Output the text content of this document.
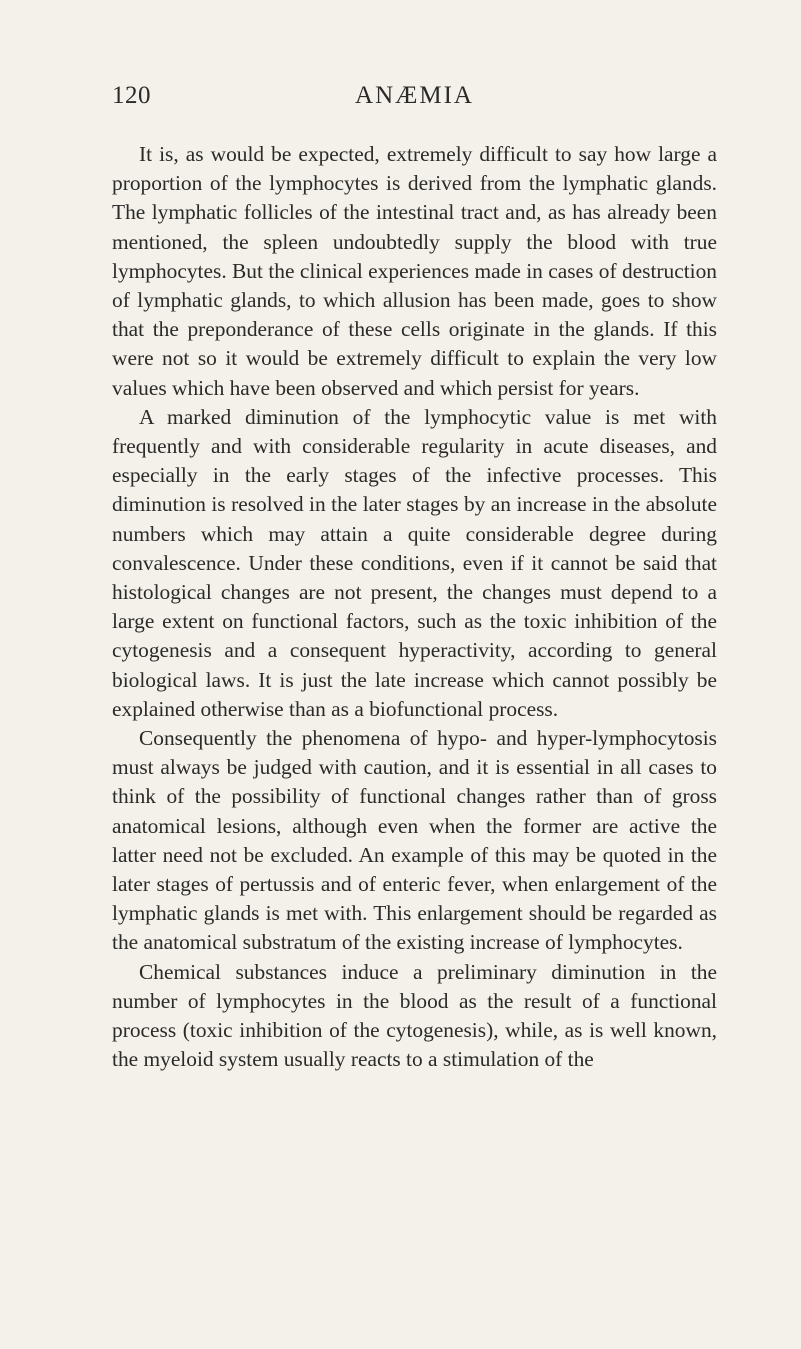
120	ANÆMIA

It is, as would be expected, extremely difficult to say how large a proportion of the lymphocytes is derived from the lymphatic glands. The lymphatic follicles of the intestinal tract and, as has already been mentioned, the spleen undoubtedly supply the blood with true lymphocytes. But the clinical experiences made in cases of destruction of lymphatic glands, to which allusion has been made, goes to show that the preponderance of these cells originate in the glands. If this were not so it would be extremely difficult to explain the very low values which have been observed and which persist for years.

A marked diminution of the lymphocytic value is met with frequently and with considerable regularity in acute diseases, and especially in the early stages of the infective processes. This diminution is resolved in the later stages by an increase in the absolute numbers which may attain a quite considerable degree during convalescence. Under these conditions, even if it cannot be said that histological changes are not present, the changes must depend to a large extent on functional factors, such as the toxic inhibition of the cytogenesis and a consequent hyperactivity, according to general biological laws. It is just the late increase which cannot possibly be explained otherwise than as a biofunctional process.

Consequently the phenomena of hypo- and hyper-lymphocytosis must always be judged with caution, and it is essential in all cases to think of the possibility of functional changes rather than of gross anatomical lesions, although even when the former are active the latter need not be excluded. An example of this may be quoted in the later stages of pertussis and of enteric fever, when enlargement of the lymphatic glands is met with. This enlargement should be regarded as the anatomical substratum of the existing increase of lymphocytes.

Chemical substances induce a preliminary diminution in the number of lymphocytes in the blood as the result of a functional process (toxic inhibition of the cytogenesis), while, as is well known, the myeloid system usually reacts to a stimulation of the
